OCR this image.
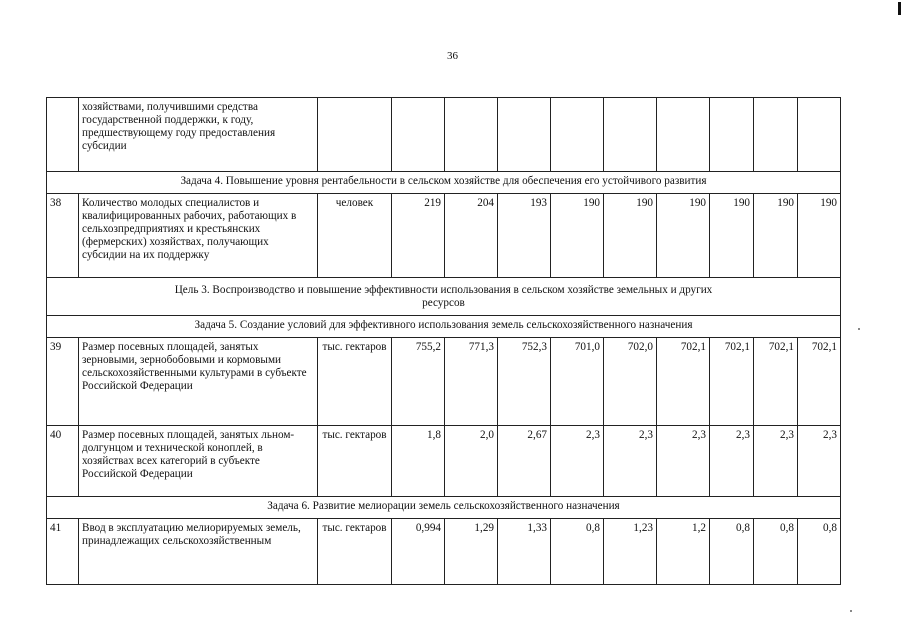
36
	хозяйствами, получившими средства государственной поддержки, к году, предшествующему году предоставления субсидии										
Задача 4. Повышение уровня рентабельности в сельском хозяйстве для обеспечения его устойчивого развития											
38	Количество молодых специалистов и квалифицированных рабочих, работающих в сельхозпредприятиях и крестьянских (фермерских) хозяйствах, получающих субсидии на их поддержку	человек	219	204	193	190	190	190	190	190	190

Цель 3. Воспроизводство и повышение эффективности использования в сельском хозяйстве земельных и других ресурсов											

Задача 5. Создание условий для эффективного использования земель сельскохозяйственного назначения											
39	Размер посевных площадей, занятых зерновыми, зернобобовыми и кормовыми сельскохозяйственными культурами в субъекте Российской Федерации	тыс. гектаров	755,2	771,3	752,3	701,0	702,0	702,1	702,1	702,1	702,1
40	Размер посевных площадей, занятых льном-долгунцом и технической коноплей, в хозяйствах всех категорий в субъекте Российской Федерации	тыс. гектаров	1,8	2,0	2,67	2,3	2,3	2,3	2,3	2,3	2,3
Задача 6. Развитие мелиорации земель сельскохозяйственного назначения											
41	Ввод в эксплуатацию мелиорируемых земель, принадлежащих сельскохозяйственным	тыс. гектаров	0,994	1,29	1,33	0,8	1,23	1,2	0,8	0,8	0,8
